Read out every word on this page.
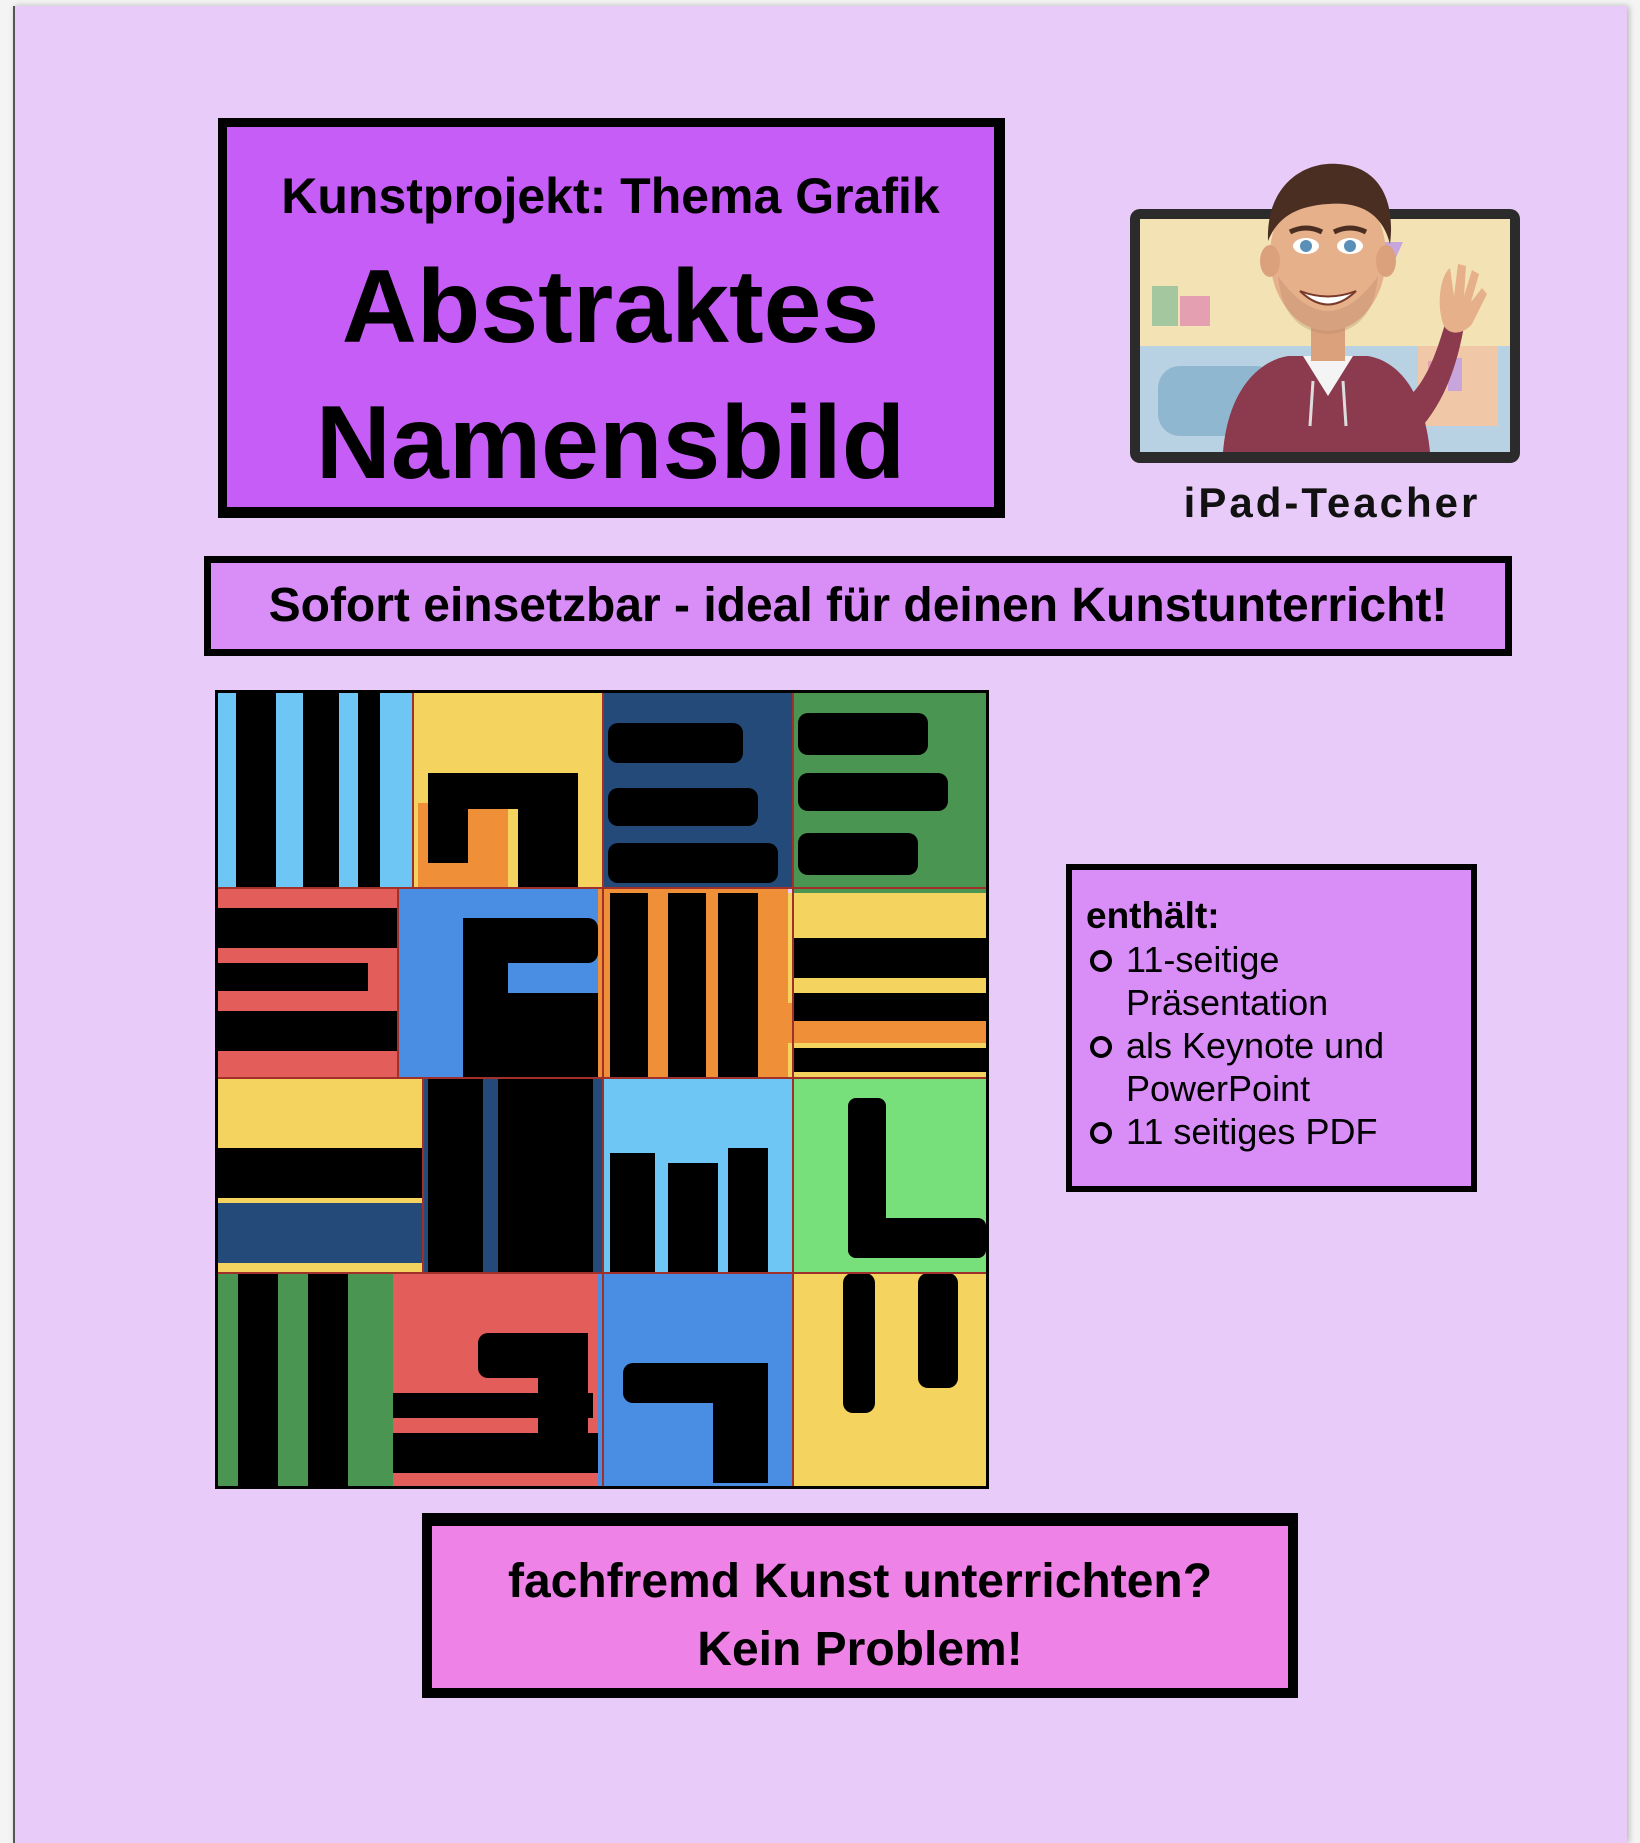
Kunstprojekt: Thema Grafik
Abstraktes
Namensbild
iPad-Teacher
Sofort einsetzbar - ideal für deinen Kunstunterricht!
enthält:
11-seitige
Präsentation
als Keynote und
PowerPoint
11 seitiges PDF
fachfremd Kunst unterrichten?
Kein Problem!
